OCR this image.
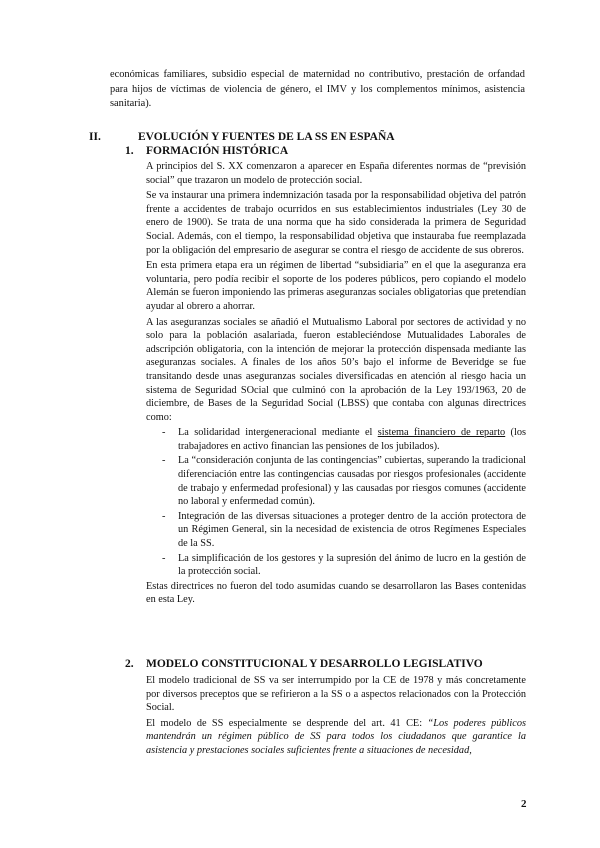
económicas familiares, subsidio especial de maternidad no contributivo, prestación de orfandad para hijos de víctimas de violencia de género, el IMV y los complementos mínimos, asistencia sanitaria).

II.	EVOLUCIÓN Y FUENTES DE LA SS EN ESPAÑA
1. FORMACIÓN HISTÓRICA

A principios del S. XX comenzaron a aparecer en España diferentes normas de “previsión social” que trazaron un modelo de protección social.

Se va instaurar una primera indemnización tasada por la responsabilidad objetiva del patrón frente a accidentes de trabajo ocurridos en sus establecimientos industriales (Ley 30 de enero de 1900). Se trata de una norma que ha sido considerada la primera de Seguridad Social. Además, con el tiempo, la responsabilidad objetiva que instauraba fue reemplazada por la obligación del empresario de asegurar se contra el riesgo de accidente de sus obreros.

En esta primera etapa era un régimen de libertad “subsidiaria” en el que la aseguranza era voluntaria, pero podía recibir el soporte de los poderes públicos, pero copiando el modelo Alemán se fueron imponiendo las primeras aseguranzas sociales obligatorias que pretendían ayudar al obrero a ahorrar.

A las aseguranzas sociales se añadió el Mutualismo Laboral por sectores de actividad y no solo para la población asalariada, fueron estableciéndose Mutualidades Laborales de adscripción obligatoria, con la intención de mejorar la protección dispensada mediante las aseguranzas sociales. A finales de los años 50’s bajo el informe de Beveridge se fue transitando desde unas aseguranzas sociales diversificadas en atención al riesgo hacia un sistema de Seguridad SOcial que culminó con la aprobación de la Ley 193/1963, 20 de diciembre, de Bases de la Seguridad Social (LBSS) que contaba con algunas directrices como:

- La solidaridad intergeneracional mediante el sistema financiero de reparto (los trabajadores en activo financian las pensiones de los jubilados).
- La “consideración conjunta de las contingencias” cubiertas, superando la tradicional diferenciación entre las contingencias causadas por riesgos profesionales (accidente de trabajo y enfermedad profesional) y las causadas por riesgos comunes (accidente no laboral y enfermedad común).
- Integración de las diversas situaciones a proteger dentro de la acción protectora de un Régimen General, sin la necesidad de existencia de otros Regímenes Especiales de la SS.
- La simplificación de los gestores y la supresión del ánimo de lucro en la gestión de la protección social.

Estas directrices no fueron del todo asumidas cuando se desarrollaron las Bases contenidas en esta Ley.

2. MODELO CONSTITUCIONAL Y DESARROLLO LEGISLATIVO

El modelo tradicional de SS va ser interrumpido por la CE de 1978 y más concretamente por diversos preceptos que se refirieron a la SS o a aspectos relacionados con la Protección Social.

El modelo de SS especialmente se desprende del art. 41 CE: “Los poderes públicos mantendrán un régimen público de SS para todos los ciudadanos que garantice la asistencia y prestaciones sociales suficientes frente a situaciones de necesidad,

2
